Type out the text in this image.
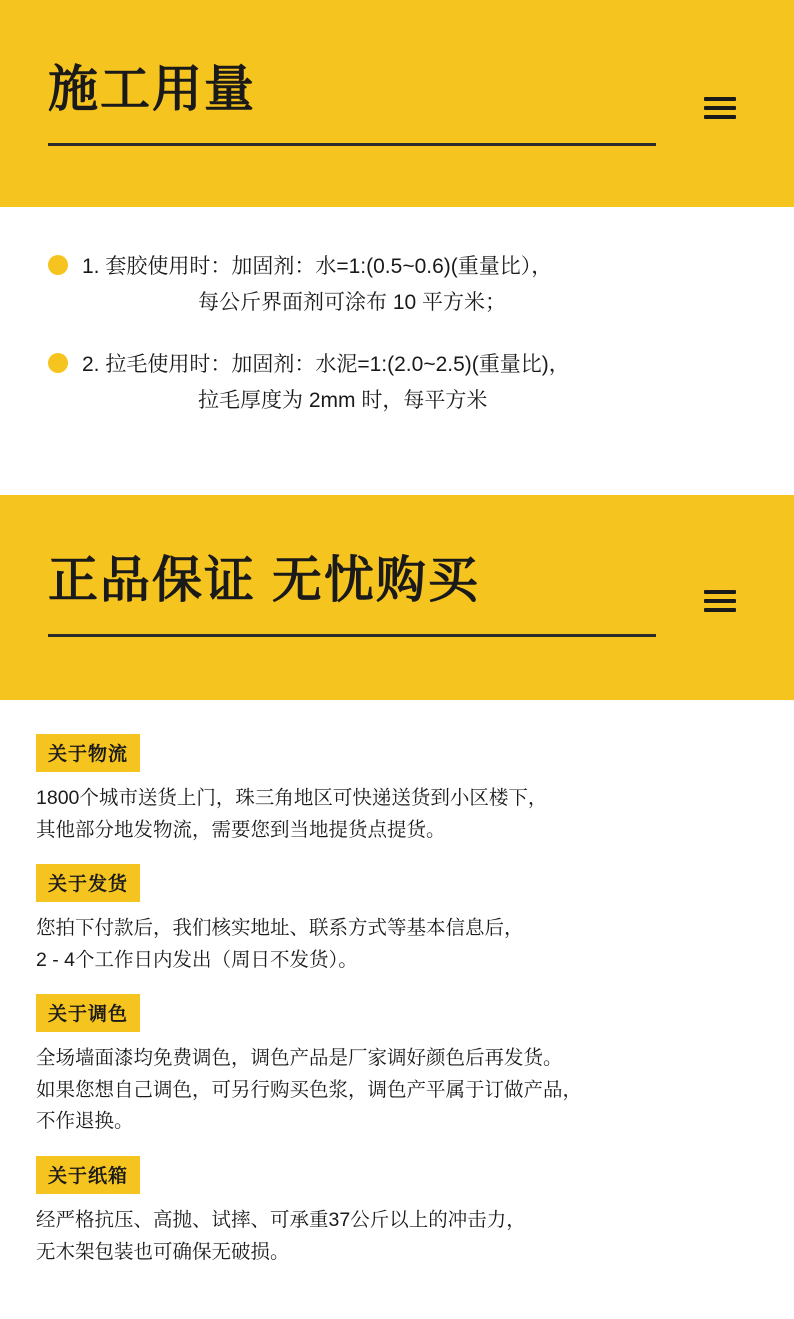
施工用量
1. 套胶使用时：加固剂：水=1:(0.5~0.6)(重量比），
每公斤界面剂可涂布 10 平方米；
2. 拉毛使用时：加固剂：水泥=1:(2.0~2.5)(重量比)，
拉毛厚度为 2mm 时，每平方米
正品保证 无忧购买
关于物流
1800个城市送货上门，珠三角地区可快递送货到小区楼下，
其他部分地发物流，需要您到当地提货点提货。
关于发货
您拍下付款后，我们核实地址、联系方式等基本信息后，
2 - 4个工作日内发出（周日不发货）。
关于调色
全场墙面漆均免费调色，调色产品是厂家调好颜色后再发货。
如果您想自己调色，可另行购买色浆，调色产平属于订做产品，
不作退换。
关于纸箱
经严格抗压、高抛、试摔、可承重37公斤以上的冲击力，
无木架包装也可确保无破损。
